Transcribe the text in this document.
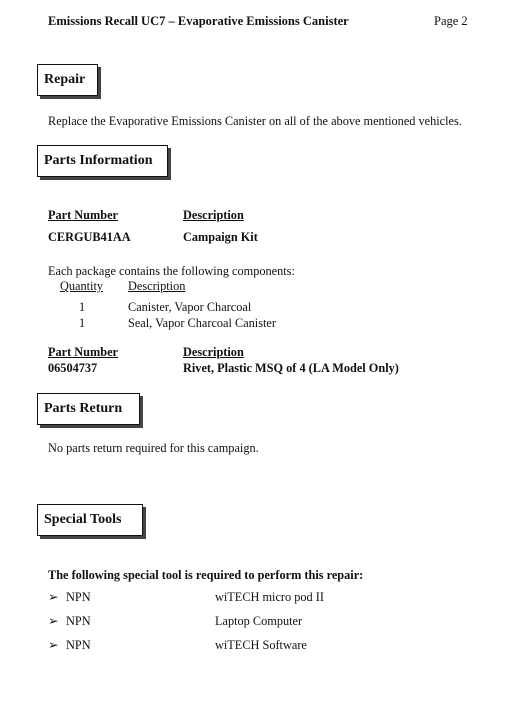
Emissions Recall UC7 – Evaporative Emissions Canister	Page 2
Repair
Replace the Evaporative Emissions Canister on all of the above mentioned vehicles.
Parts Information
Part Number	Description
CERGUB41AA	Campaign Kit
Each package contains the following components:
Quantity Description
1	Canister, Vapor Charcoal
1	Seal, Vapor Charcoal Canister
Part Number	Description
06504737	Rivet, Plastic MSQ of 4 (LA Model Only)
Parts Return
No parts return required for this campaign.
Special Tools
The following special tool is required to perform this repair:
➢ NPN	wiTECH micro pod II
➢ NPN	Laptop Computer
➢ NPN	wiTECH Software
